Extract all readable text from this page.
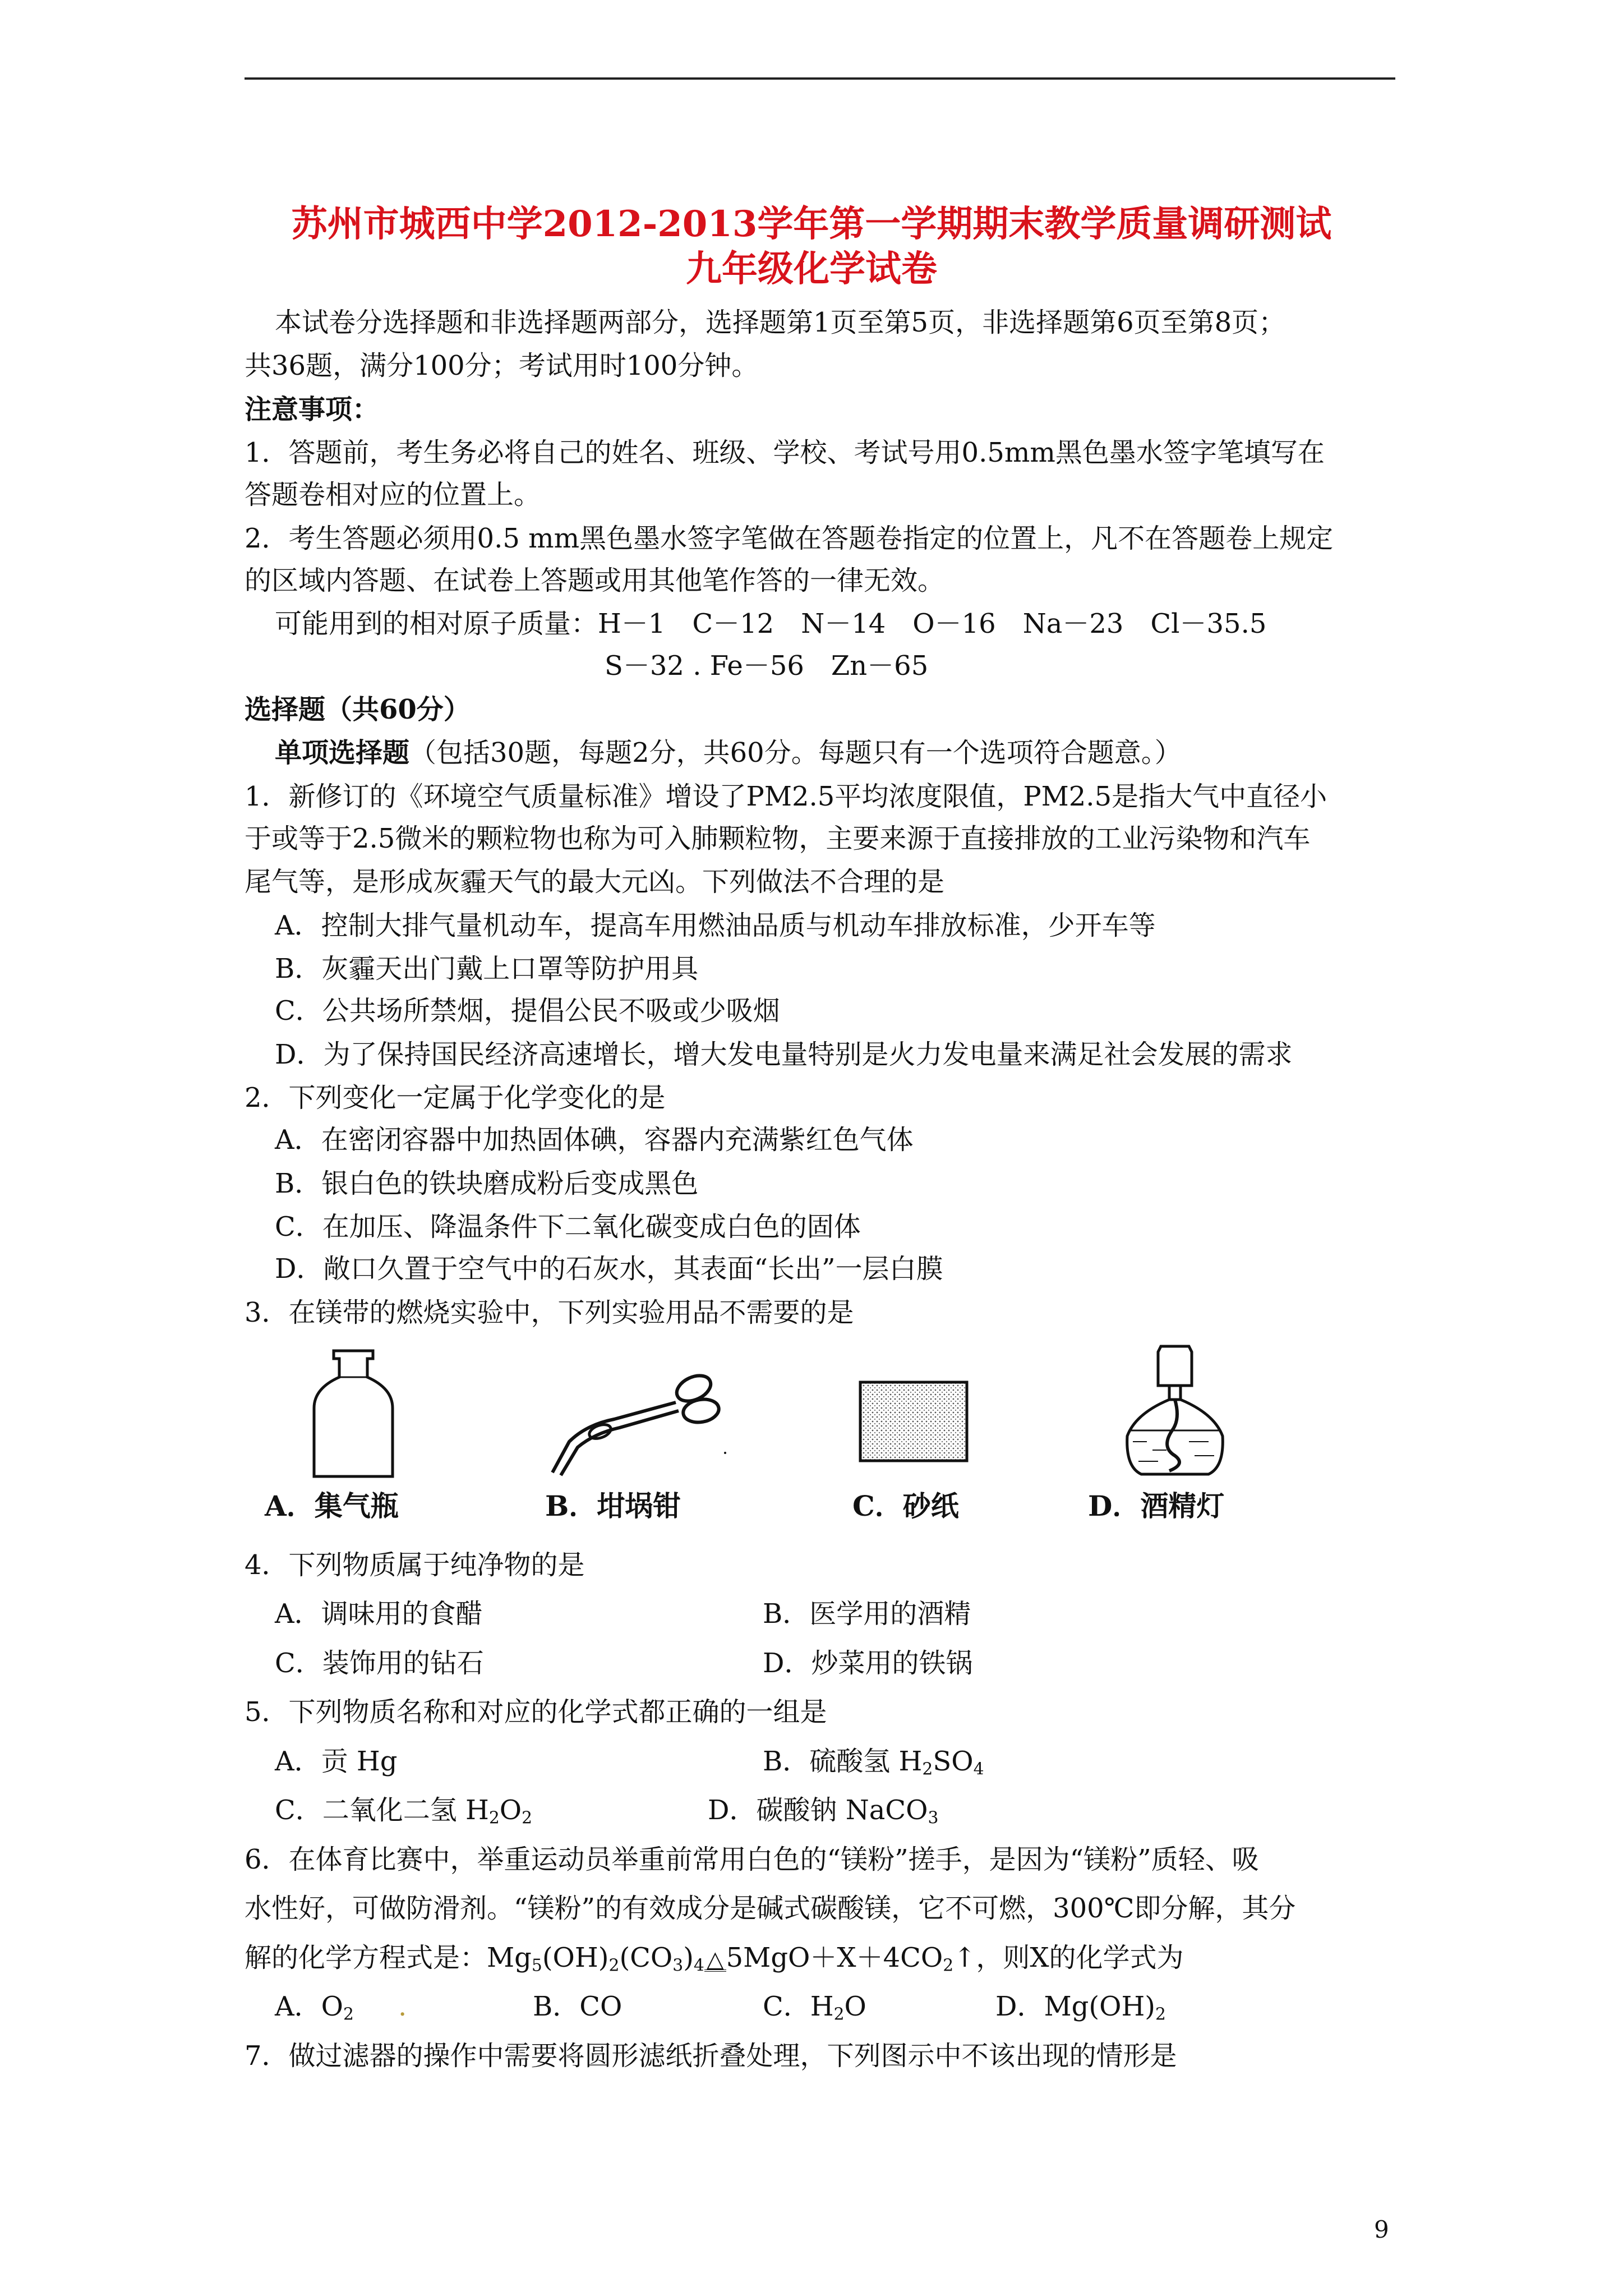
苏州市城西中学2012-2013学年第一学期期末教学质量调研测试
九年级化学试卷
本试卷分选择题和非选择题两部分，选择题第1页至第5页，非选择题第6页至第8页；
共36题，满分100分；考试用时100分钟。
注意事项：
1．答题前，考生务必将自己的姓名、班级、学校、考试号用0.5mm黑色墨水签字笔填写在
答题卷相对应的位置上。
2．考生答题必须用0.5 mm黑色墨水签字笔做在答题卷指定的位置上，凡不在答题卷上规定
的区域内答题、在试卷上答题或用其他笔作答的一律无效。
可能用到的相对原子质量：H－1　C－12　N－14　O－16　Na－23　Cl－35.5
S－32 . Fe－56　Zn－65
选择题（共60分）
单项选择题（包括30题，每题2分，共60分。每题只有一个选项符合题意。）
1．新修订的《环境空气质量标准》增设了PM2.5平均浓度限值，PM2.5是指大气中直径小
于或等于2.5微米的颗粒物也称为可入肺颗粒物，主要来源于直接排放的工业污染物和汽车
尾气等，是形成灰霾天气的最大元凶。下列做法不合理的是
A．控制大排气量机动车，提高车用燃油品质与机动车排放标准，少开车等
B．灰霾天出门戴上口罩等防护用具
C．公共场所禁烟，提倡公民不吸或少吸烟
D．为了保持国民经济高速增长，增大发电量特别是火力发电量来满足社会发展的需求
2．下列变化一定属于化学变化的是
A．在密闭容器中加热固体碘，容器内充满紫红色气体
B．银白色的铁块磨成粉后变成黑色
C．在加压、降温条件下二氧化碳变成白色的固体
D．敞口久置于空气中的石灰水，其表面“长出”一层白膜
3．在镁带的燃烧实验中，下列实验用品不需要的是
A．集气瓶	B．坩埚钳	C．砂纸	D．酒精灯
4．下列物质属于纯净物的是
A．调味用的食醋	B．医学用的酒精
C．装饰用的钻石	D．炒菜用的铁锅
5．下列物质名称和对应的化学式都正确的一组是
A．贡 Hg	B．硫酸氢 $H_2SO_4$
C．二氧化二氢 $H_2O_2$	D．碳酸钠 NaCO$_3$
6．在体育比赛中，举重运动员举重前常用白色的“镁粉”搓手，是因为“镁粉”质轻、吸
水性好，可做防滑剂。“镁粉”的有效成分是碱式碳酸镁，它不可燃，300℃即分解，其分
解的化学方程式是：$Mg_5(OH)_2(CO_3)_4$ $\triangle 5MgO+X+4CO_2↑$，则X的化学式为
A．$O_2$ .	B．CO	C．$H_2O$	D．$Mg(OH)_2$
7．做过滤器的操作中需要将圆形滤纸折叠处理，下列图示中不该出现的情形是
9
